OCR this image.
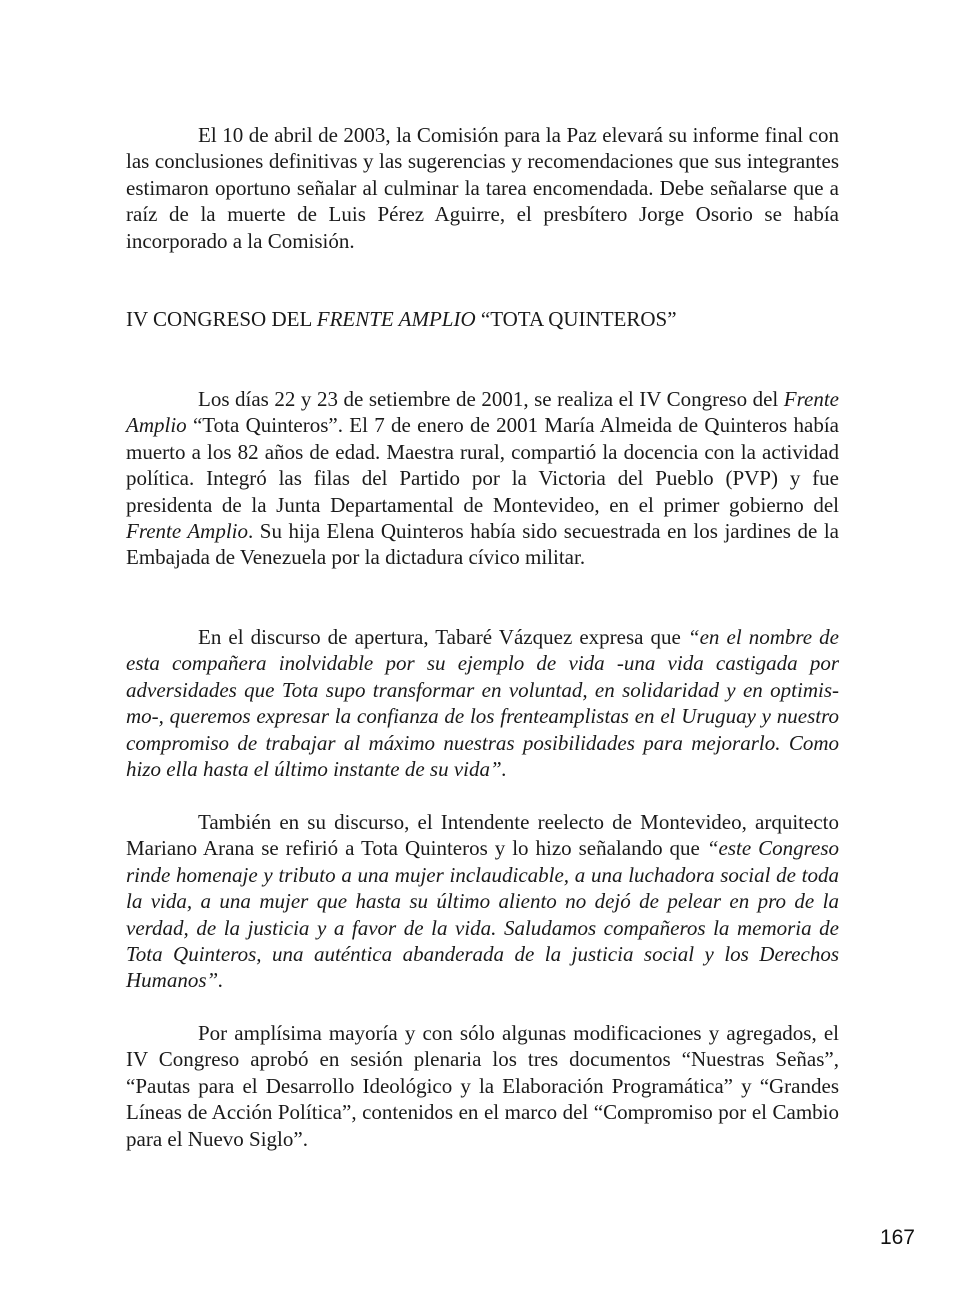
El 10 de abril de 2003, la Comisión para la Paz elevará su informe final con las conclusiones definitivas y las sugerencias y recomendaciones que sus integrantes estimaron oportuno señalar al culminar la tarea encomendada. Debe señalarse que a raíz de la muerte de Luis Pérez Aguirre, el presbítero Jorge Osorio se había incorporado a la Comisión.

IV CONGRESO DEL FRENTE AMPLIO “TOTA QUINTEROS”

Los días 22 y 23 de setiembre de 2001, se realiza el IV Congreso del Frente Amplio “Tota Quinteros”. El 7 de enero de 2001 María Almeida de Quinteros había muerto a los 82 años de edad. Maestra rural, compartió la docencia con la actividad política. Integró las filas del Partido por la Victoria del Pueblo (PVP) y fue presidenta de la Junta Departamental de Montevideo, en el primer gobierno del Frente Amplio. Su hija Elena Quinteros había sido secuestrada en los jardines de la Embajada de Venezuela por la dictadura cívico militar.

En el discurso de apertura, Tabaré Vázquez expresa que “en el nombre de esta compañera inolvidable por su ejemplo de vida -una vida castigada por adversidades que Tota supo transformar en voluntad, en solidaridad y en optimismo-, queremos expresar la confianza de los frenteamplistas en el Uruguay y nuestro compromiso de trabajar al máximo nuestras posibilidades para mejorarlo. Como hizo ella hasta el último instante de su vida”.

También en su discurso, el Intendente reelecto de Montevideo, arquitecto Mariano Arana se refirió a Tota Quinteros y lo hizo señalando que “este Congreso rinde homenaje y tributo a una mujer inclaudicable, a una luchadora social de toda la vida, a una mujer que hasta su último aliento no dejó de pelear en pro de la verdad, de la justicia y a favor de la vida. Saludamos compañeros la memoria de Tota Quinteros, una auténtica abanderada de la justicia social y los Derechos Humanos”.

Por amplísima mayoría y con sólo algunas modificaciones y agregados, el IV Congreso aprobó en sesión plenaria los tres documentos “Nuestras Señas”, “Pautas para el Desarrollo Ideológico y la Elaboración Programática” y “Grandes Líneas de Acción Política”, contenidos en el marco del “Compromiso por el Cambio para el Nuevo Siglo”.

167
